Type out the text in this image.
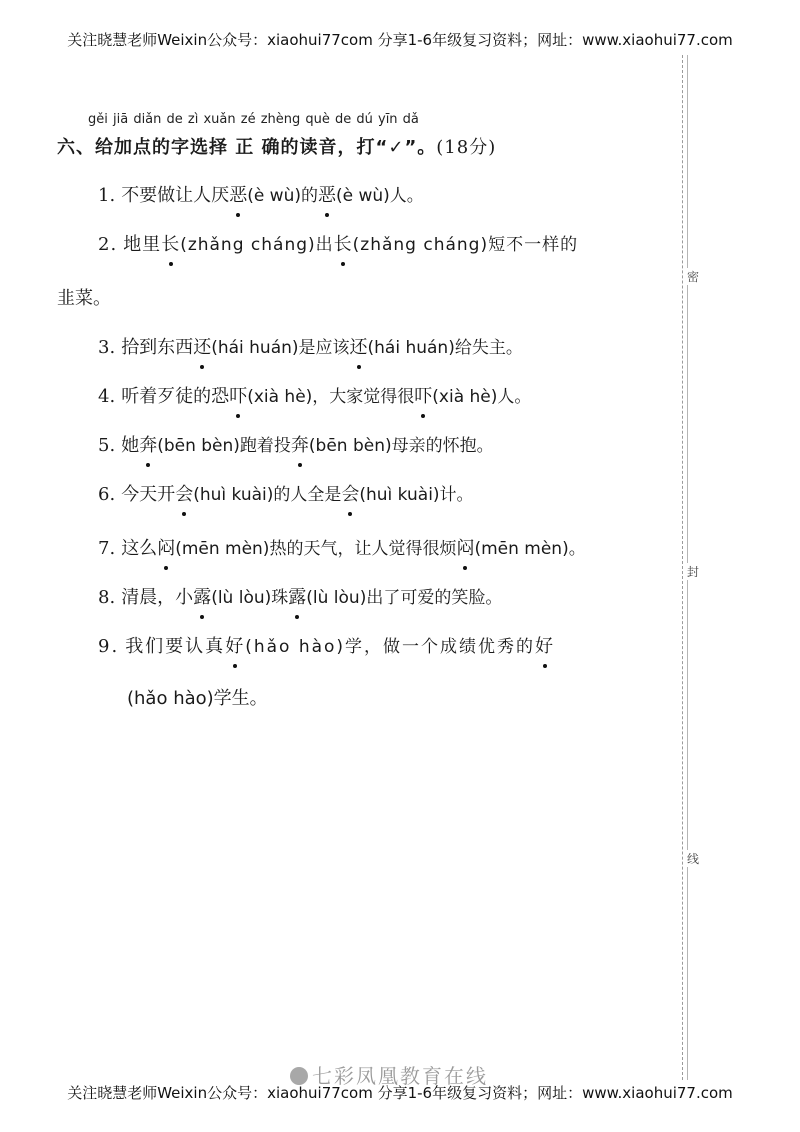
关注晓慧老师Weixin公众号：xiaohui77com 分享1-6年级复习资料；网址：www.xiaohui77.com
密
封
线
gěi jiā diǎn de zì xuǎn zé zhèng què de dú yīn dǎ
六、给加点的字选择 正 确的读音，打“✓”。(18分)
1. 不要做让人厌恶(è wù)的恶(è wù)人。
2. 地里长(zhǎng cháng)出长(zhǎng cháng)短不一样的
韭菜。
3. 拾到东西还(hái huán)是应该还(hái huán)给失主。
4. 听着歹徒的恐吓(xià hè)，大家觉得很吓(xià hè)人。
5. 她奔(bēn bèn)跑着投奔(bēn bèn)母亲的怀抱。
6. 今天开会(huì kuài)的人全是会(huì kuài)计。
7. 这么闷(mēn mèn)热的天气，让人觉得很烦闷(mēn mèn)。
8. 清晨，小露(lù lòu)珠露(lù lòu)出了可爱的笑脸。
9. 我们要认真好(hǎo hào)学，做一个成绩优秀的好
(hǎo hào)学生。
七彩凤凰教育在线
关注晓慧老师Weixin公众号：xiaohui77com 分享1-6年级复习资料；网址：www.xiaohui77.com
